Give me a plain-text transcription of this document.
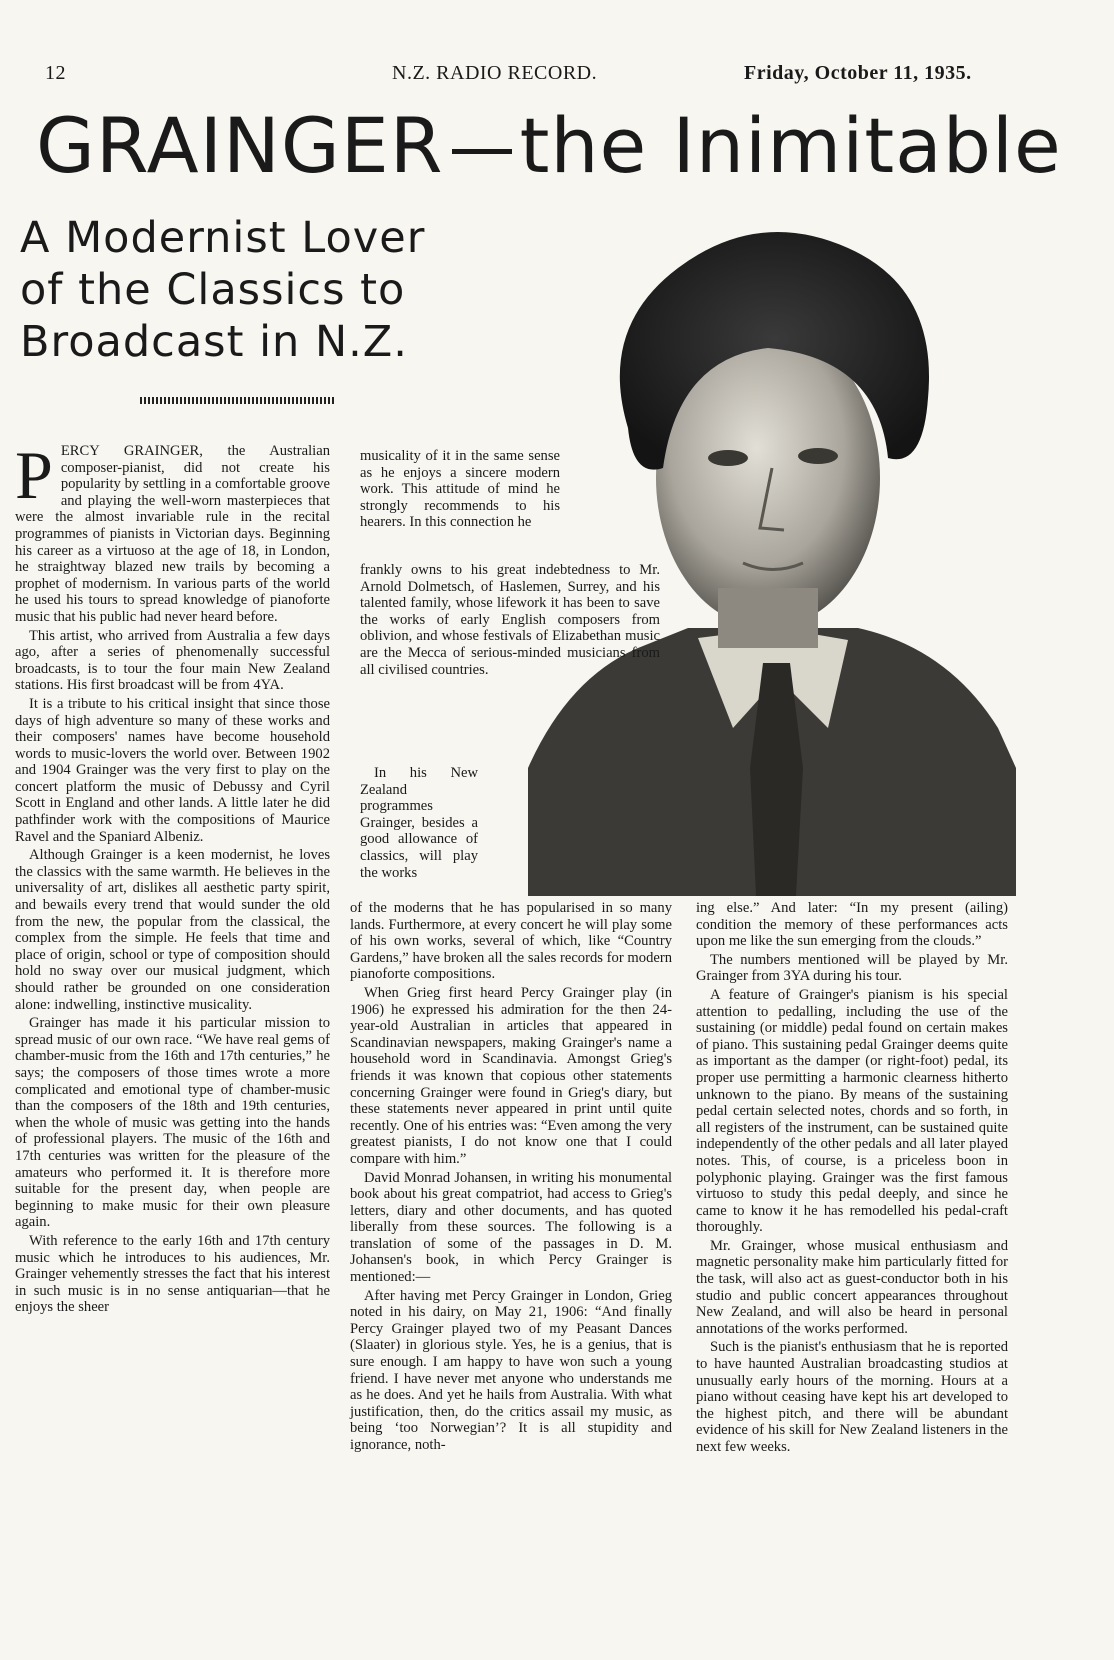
12	N.Z. RADIO RECORD.	Friday, October 11, 1935.
GRAINGER the Inimitable
A Modernist Lover
of the Classics to
Broadcast in N.Z.

PERCY GRAINGER, the Australian composer-pianist, did not create his popularity by settling in a comfortable groove and playing the well-worn masterpieces that were the almost invariable rule in the recital programmes of pianists in Victorian days. Beginning his career as a virtuoso at the age of 18, in London, he straightway blazed new trails by becoming a prophet of modernism. In various parts of the world he used his tours to spread knowledge of pianoforte music that his public had never heard before.

This artist, who arrived from Australia a few days ago, after a series of phenomenally successful broadcasts, is to tour the four main New Zealand stations. His first broadcast will be from 4YA.

It is a tribute to his critical insight that since those days of high adventure so many of these works and their composers' names have become household words to music-lovers the world over. Between 1902 and 1904 Grainger was the very first to play on the concert platform the music of Debussy and Cyril Scott in England and other lands. A little later he did pathfinder work with the compositions of Maurice Ravel and the Spaniard Albeniz.

Although Grainger is a keen modernist, he loves the classics with the same warmth. He believes in the universality of art, dislikes all aesthetic party spirit, and bewails every trend that would sunder the old from the new, the popular from the classical, the complex from the simple. He feels that time and place of origin, school or type of composition should hold no sway over our musical judgment, which should rather be grounded on one consideration alone: indwelling, instinctive musicality.

Grainger has made it his particular mission to spread music of our own race. “We have real gems of chamber-music from the 16th and 17th centuries,” he says; the composers of those times wrote a more complicated and emotional type of chamber-music than the composers of the 18th and 19th centuries, when the whole of music was getting into the hands of professional players. The music of the 16th and 17th centuries was written for the pleasure of the amateurs who performed it. It is therefore more suitable for the present day, when people are beginning to make music for their own pleasure again.

With reference to the early 16th and 17th century music which he introduces to his audiences, Mr. Grainger vehemently stresses the fact that his interest in such music is in no sense antiquarian—that he enjoys the sheer

musicality of it in the same sense as he enjoys a sincere modern work. This attitude of mind he strongly recommends to his hearers. In this connection he

frankly owns to his great indebtedness to Mr. Arnold Dolmetsch, of Haslemen, Surrey, and his talented family, whose lifework it has been to save the works of early English composers from oblivion, and whose festivals of Elizabethan music are the Mecca of serious-minded musicians from all civilised countries.

In his New Zealand programmes Grainger, besides a good allowance of classics, will play the works

of the moderns that he has popularised in so many lands. Furthermore, at every concert he will play some of his own works, several of which, like “Country Gardens,” have broken all the sales records for modern pianoforte compositions.

When Grieg first heard Percy Grainger play (in 1906) he expressed his admiration for the then 24-year-old Australian in articles that appeared in Scandinavian newspapers, making Grainger's name a household word in Scandinavia. Amongst Grieg's friends it was known that copious other statements concerning Grainger were found in Grieg's diary, but these statements never appeared in print until quite recently. One of his entries was: “Even among the very greatest pianists, I do not know one that I could compare with him.”

David Monrad Johansen, in writing his monumental book about his great compatriot, had access to Grieg's letters, diary and other documents, and has quoted liberally from these sources. The following is a translation of some of the passages in D. M. Johansen's book, in which Percy Grainger is mentioned:—

After having met Percy Grainger in London, Grieg noted in his dairy, on May 21, 1906: “And finally Percy Grainger played two of my Peasant Dances (Slaater) in glorious style. Yes, he is a genius, that is sure enough. I am happy to have won such a young friend. I have never met anyone who understands me as he does. And yet he hails from Australia. With what justification, then, do the critics assail my music, as being ‘too Norwegian’? It is all stupidity and ignorance, noth-

ing else.” And later: “In my present (ailing) condition the memory of these performances acts upon me like the sun emerging from the clouds.”

The numbers mentioned will be played by Mr. Grainger from 3YA during his tour.

A feature of Grainger's pianism is his special attention to pedalling, including the use of the sustaining (or middle) pedal found on certain makes of piano. This sustaining pedal Grainger deems quite as important as the damper (or right-foot) pedal, its proper use permitting a harmonic clearness hitherto unknown to the piano. By means of the sustaining pedal certain selected notes, chords and so forth, in all registers of the instrument, can be sustained quite independently of the other pedals and all later played notes. This, of course, is a priceless boon in polyphonic playing. Grainger was the first famous virtuoso to study this pedal deeply, and since he came to know it he has remodelled his pedal-craft thoroughly.

Mr. Grainger, whose musical enthusiasm and magnetic personality make him particularly fitted for the task, will also act as guest-conductor both in his studio and public concert appearances throughout New Zealand, and will also be heard in personal annotations of the works performed.

Such is the pianist's enthusiasm that he is reported to have haunted Australian broadcasting studios at unusually early hours of the morning. Hours at a piano without ceasing have kept his art developed to the highest pitch, and there will be abundant evidence of his skill for New Zealand listeners in the next few weeks.
